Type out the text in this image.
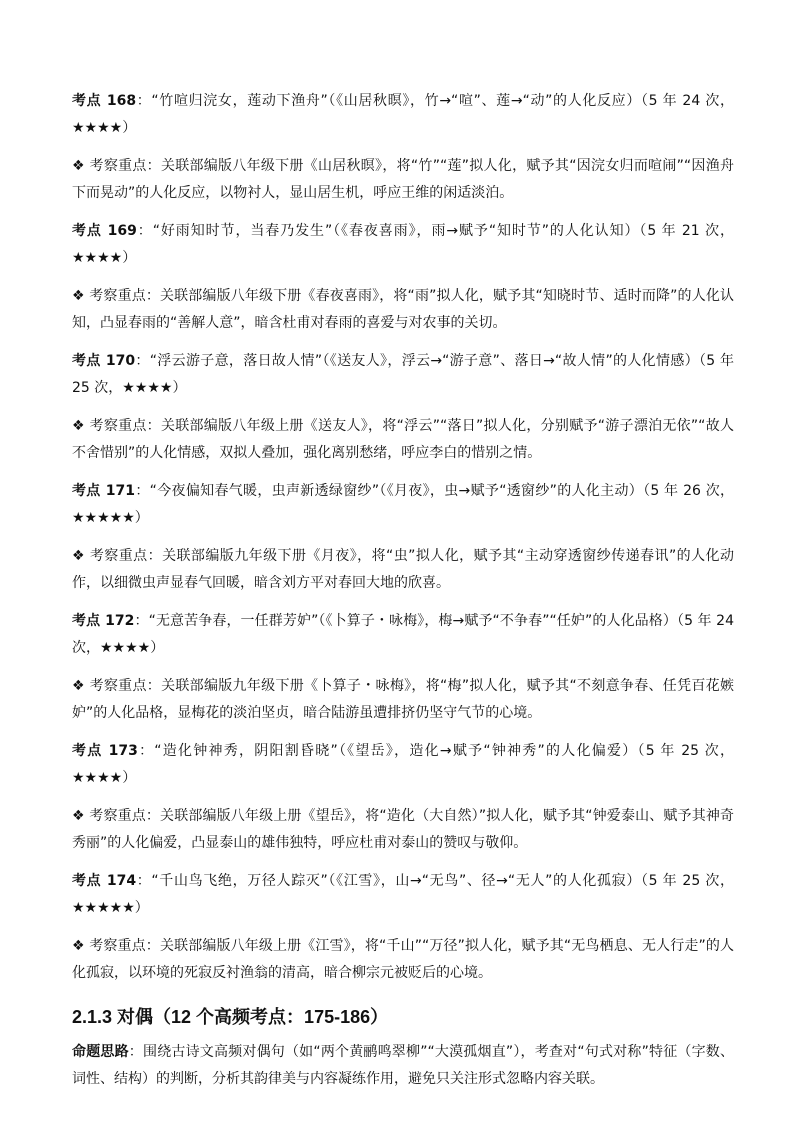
考点 168：“竹喧归浣女，莲动下渔舟”（《山居秋暝》，竹→“喧”、莲→“动”的人化反应）（5 年 24 次，★★★★）

❖ 考察重点：关联部编版八年级下册《山居秋暝》，将“竹”“莲”拟人化，赋予其“因浣女归而喧闹”“因渔舟下而晃动”的人化反应，以物衬人，显山居生机，呼应王维的闲适淡泊。

考点 169：“好雨知时节，当春乃发生”（《春夜喜雨》，雨→赋予“知时节”的人化认知）（5 年 21 次，★★★★）

❖ 考察重点：关联部编版八年级下册《春夜喜雨》，将“雨”拟人化，赋予其“知晓时节、适时而降”的人化认知，凸显春雨的“善解人意”，暗含杜甫对春雨的喜爱与对农事的关切。

考点 170：“浮云游子意，落日故人情”（《送友人》，浮云→“游子意”、落日→“故人情”的人化情感）（5 年 25 次，★★★★）

❖ 考察重点：关联部编版八年级上册《送友人》，将“浮云”“落日”拟人化，分别赋予“游子漂泊无依”“故人不舍惜别”的人化情感，双拟人叠加，强化离别愁绪，呼应李白的惜别之情。

考点 171：“今夜偏知春气暖，虫声新透绿窗纱”（《月夜》，虫→赋予“透窗纱”的人化主动）（5 年 26 次，★★★★★）

❖ 考察重点：关联部编版九年级下册《月夜》，将“虫”拟人化，赋予其“主动穿透窗纱传递春讯”的人化动作，以细微虫声显春气回暖，暗含刘方平对春回大地的欣喜。

考点 172：“无意苦争春，一任群芳妒”（《卜算子・咏梅》，梅→赋予“不争春”“任妒”的人化品格）（5 年 24 次，★★★★）

❖ 考察重点：关联部编版九年级下册《卜算子・咏梅》，将“梅”拟人化，赋予其“不刻意争春、任凭百花嫉妒”的人化品格，显梅花的淡泊坚贞，暗合陆游虽遭排挤仍坚守气节的心境。

考点 173：“造化钟神秀，阴阳割昏晓”（《望岳》，造化→赋予“钟神秀”的人化偏爱）（5 年 25 次，★★★★）

❖ 考察重点：关联部编版八年级上册《望岳》，将“造化（大自然）”拟人化，赋予其“钟爱泰山、赋予其神奇秀丽”的人化偏爱，凸显泰山的雄伟独特，呼应杜甫对泰山的赞叹与敬仰。

考点 174：“千山鸟飞绝，万径人踪灭”（《江雪》，山→“无鸟”、径→“无人”的人化孤寂）（5 年 25 次，★★★★★）

❖ 考察重点：关联部编版八年级上册《江雪》，将“千山”“万径”拟人化，赋予其“无鸟栖息、无人行走”的人化孤寂，以环境的死寂反衬渔翁的清高，暗合柳宗元被贬后的心境。

2.1.3 对偶（12 个高频考点：175-186）

命题思路：围绕古诗文高频对偶句（如“两个黄鹂鸣翠柳”“大漠孤烟直”），考查对“句式对称”特征（字数、词性、结构）的判断，分析其韵律美与内容凝练作用，避免只关注形式忽略内容关联。
